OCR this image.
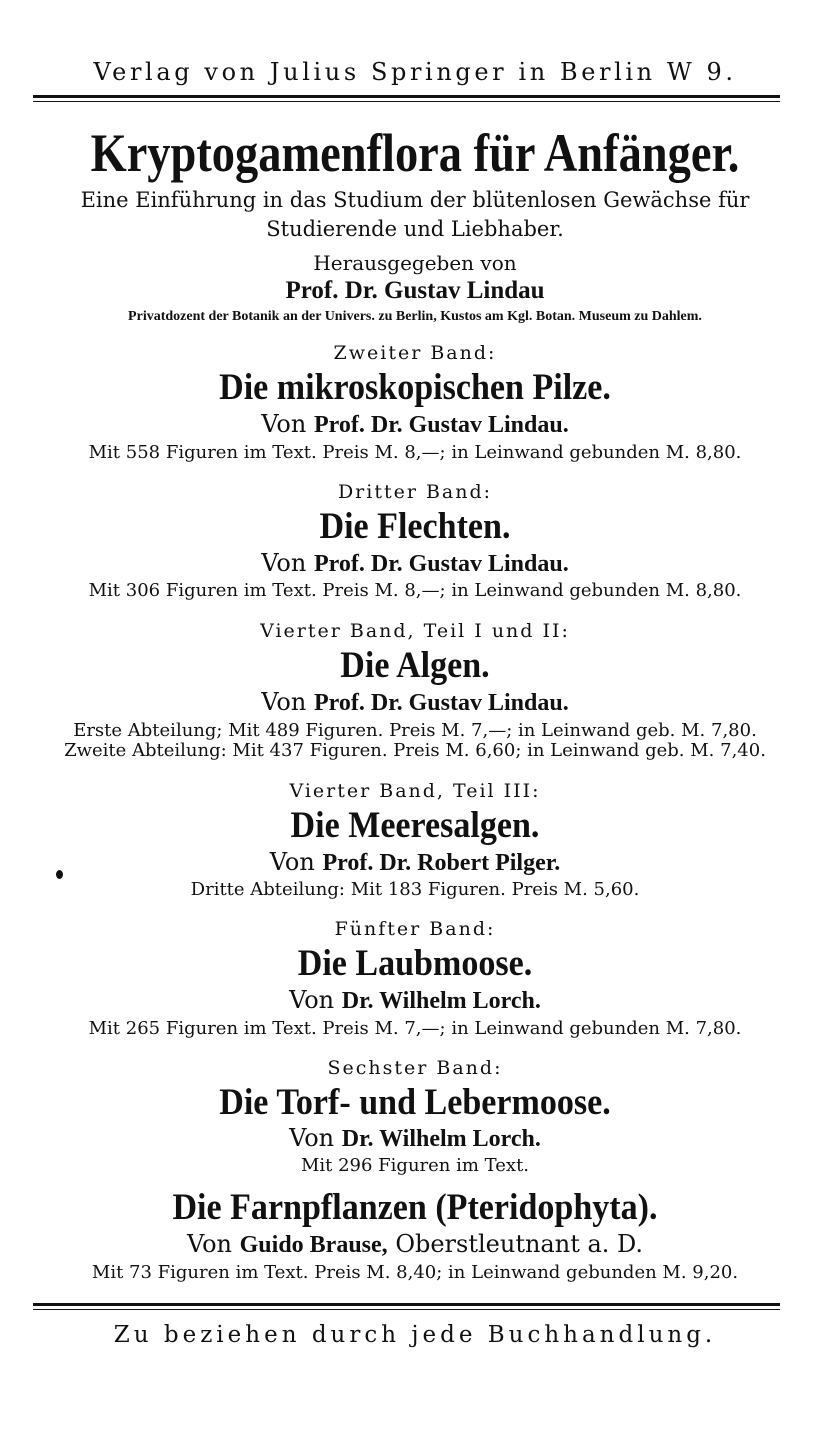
Verlag von Julius Springer in Berlin W 9.
Kryptogamenflora für Anfänger.
Eine Einführung in das Studium der blütenlosen Gewächse für
Studierende und Liebhaber.
Herausgegeben von
Prof. Dr. Gustav Lindau
Privatdozent der Botanik an der Univers. zu Berlin, Kustos am Kgl. Botan. Museum zu Dahlem.
Zweiter Band:
Die mikroskopischen Pilze.
Von Prof. Dr. Gustav Lindau.
Mit 558 Figuren im Text. Preis M. 8,—; in Leinwand gebunden M. 8,80.
Dritter Band:
Die Flechten.
Von Prof. Dr. Gustav Lindau.
Mit 306 Figuren im Text. Preis M. 8,—; in Leinwand gebunden M. 8,80.
Vierter Band, Teil I und II:
Die Algen.
Von Prof. Dr. Gustav Lindau.
Erste Abteilung; Mit 489 Figuren. Preis M. 7,—; in Leinwand geb. M. 7,80.
Zweite Abteilung: Mit 437 Figuren. Preis M. 6,60; in Leinwand geb. M. 7,40.
Vierter Band, Teil III:
Die Meeresalgen.
Von Prof. Dr. Robert Pilger.
Dritte Abteilung: Mit 183 Figuren. Preis M. 5,60.
Fünfter Band:
Die Laubmoose.
Von Dr. Wilhelm Lorch.
Mit 265 Figuren im Text. Preis M. 7,—; in Leinwand gebunden M. 7,80.
Sechster Band:
Die Torf- und Lebermoose.
Von Dr. Wilhelm Lorch.
Mit 296 Figuren im Text.
Die Farnpflanzen (Pteridophyta).
Von Guido Brause, Oberstleutnant a. D.
Mit 73 Figuren im Text. Preis M. 8,40; in Leinwand gebunden M. 9,20.
Zu beziehen durch jede Buchhandlung.
